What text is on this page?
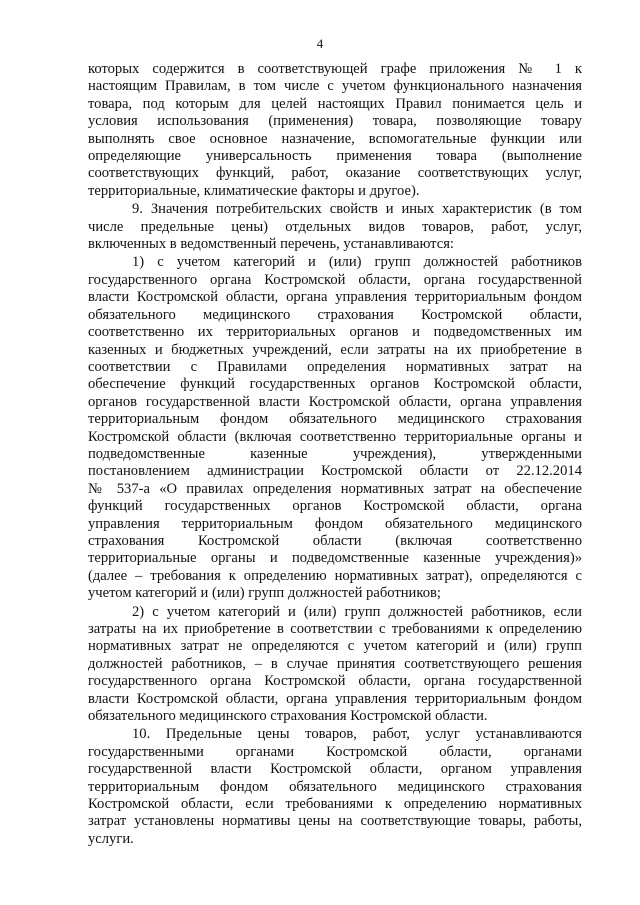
4

которых содержится в соответствующей графе приложения № 1 к

настоящим Правилам, в том числе с учетом функционального назначения

товара, под которым для целей настоящих Правил понимается цель и

условия использования (применения) товара, позволяющие товару

выполнять свое основное назначение, вспомогательные функции или

определяющие универсальность применения товара (выполнение

соответствующих функций, работ, оказание соответствующих услуг,

территориальные, климатические факторы и другое).

9. Значения потребительских свойств и иных характеристик (в том

числе предельные цены) отдельных видов товаров, работ, услуг,

включенных в ведомственный перечень, устанавливаются:

1) с учетом категорий и (или) групп должностей работников

государственного органа Костромской области, органа государственной

власти Костромской области, органа управления территориальным фондом

обязательного медицинского страхования Костромской области,

соответственно их территориальных органов и подведомственных им

казенных и бюджетных учреждений, если затраты на их приобретение в

соответствии с Правилами определения нормативных затрат на

обеспечение функций государственных органов Костромской области,

органов государственной власти Костромской области, органа управления

территориальным фондом обязательного медицинского страхования

Костромской области (включая соответственно территориальные органы и

подведомственные казенные учреждения), утвержденными

постановлением администрации Костромской области от 22.12.2014

№ 537-а «О правилах определения нормативных затрат на обеспечение

функций государственных органов Костромской области, органа

управления территориальным фондом обязательного медицинского

страхования Костромской области (включая соответственно

территориальные органы и подведомственные казенные учреждения)»

(далее – требования к определению нормативных затрат), определяются с

учетом категорий и (или) групп должностей работников;

2) с учетом категорий и (или) групп должностей работников, если

затраты на их приобретение в соответствии с требованиями к определению

нормативных затрат не определяются с учетом категорий и (или) групп

должностей работников, – в случае принятия соответствующего решения

государственного органа Костромской области, органа государственной

власти Костромской области, органа управления территориальным фондом

обязательного медицинского страхования Костромской области.

10. Предельные цены товаров, работ, услуг устанавливаются

государственными органами Костромской области, органами

государственной власти Костромской области, органом управления

территориальным фондом обязательного медицинского страхования

Костромской области, если требованиями к определению нормативных

затрат установлены нормативы цены на соответствующие товары, работы,

услуги.
